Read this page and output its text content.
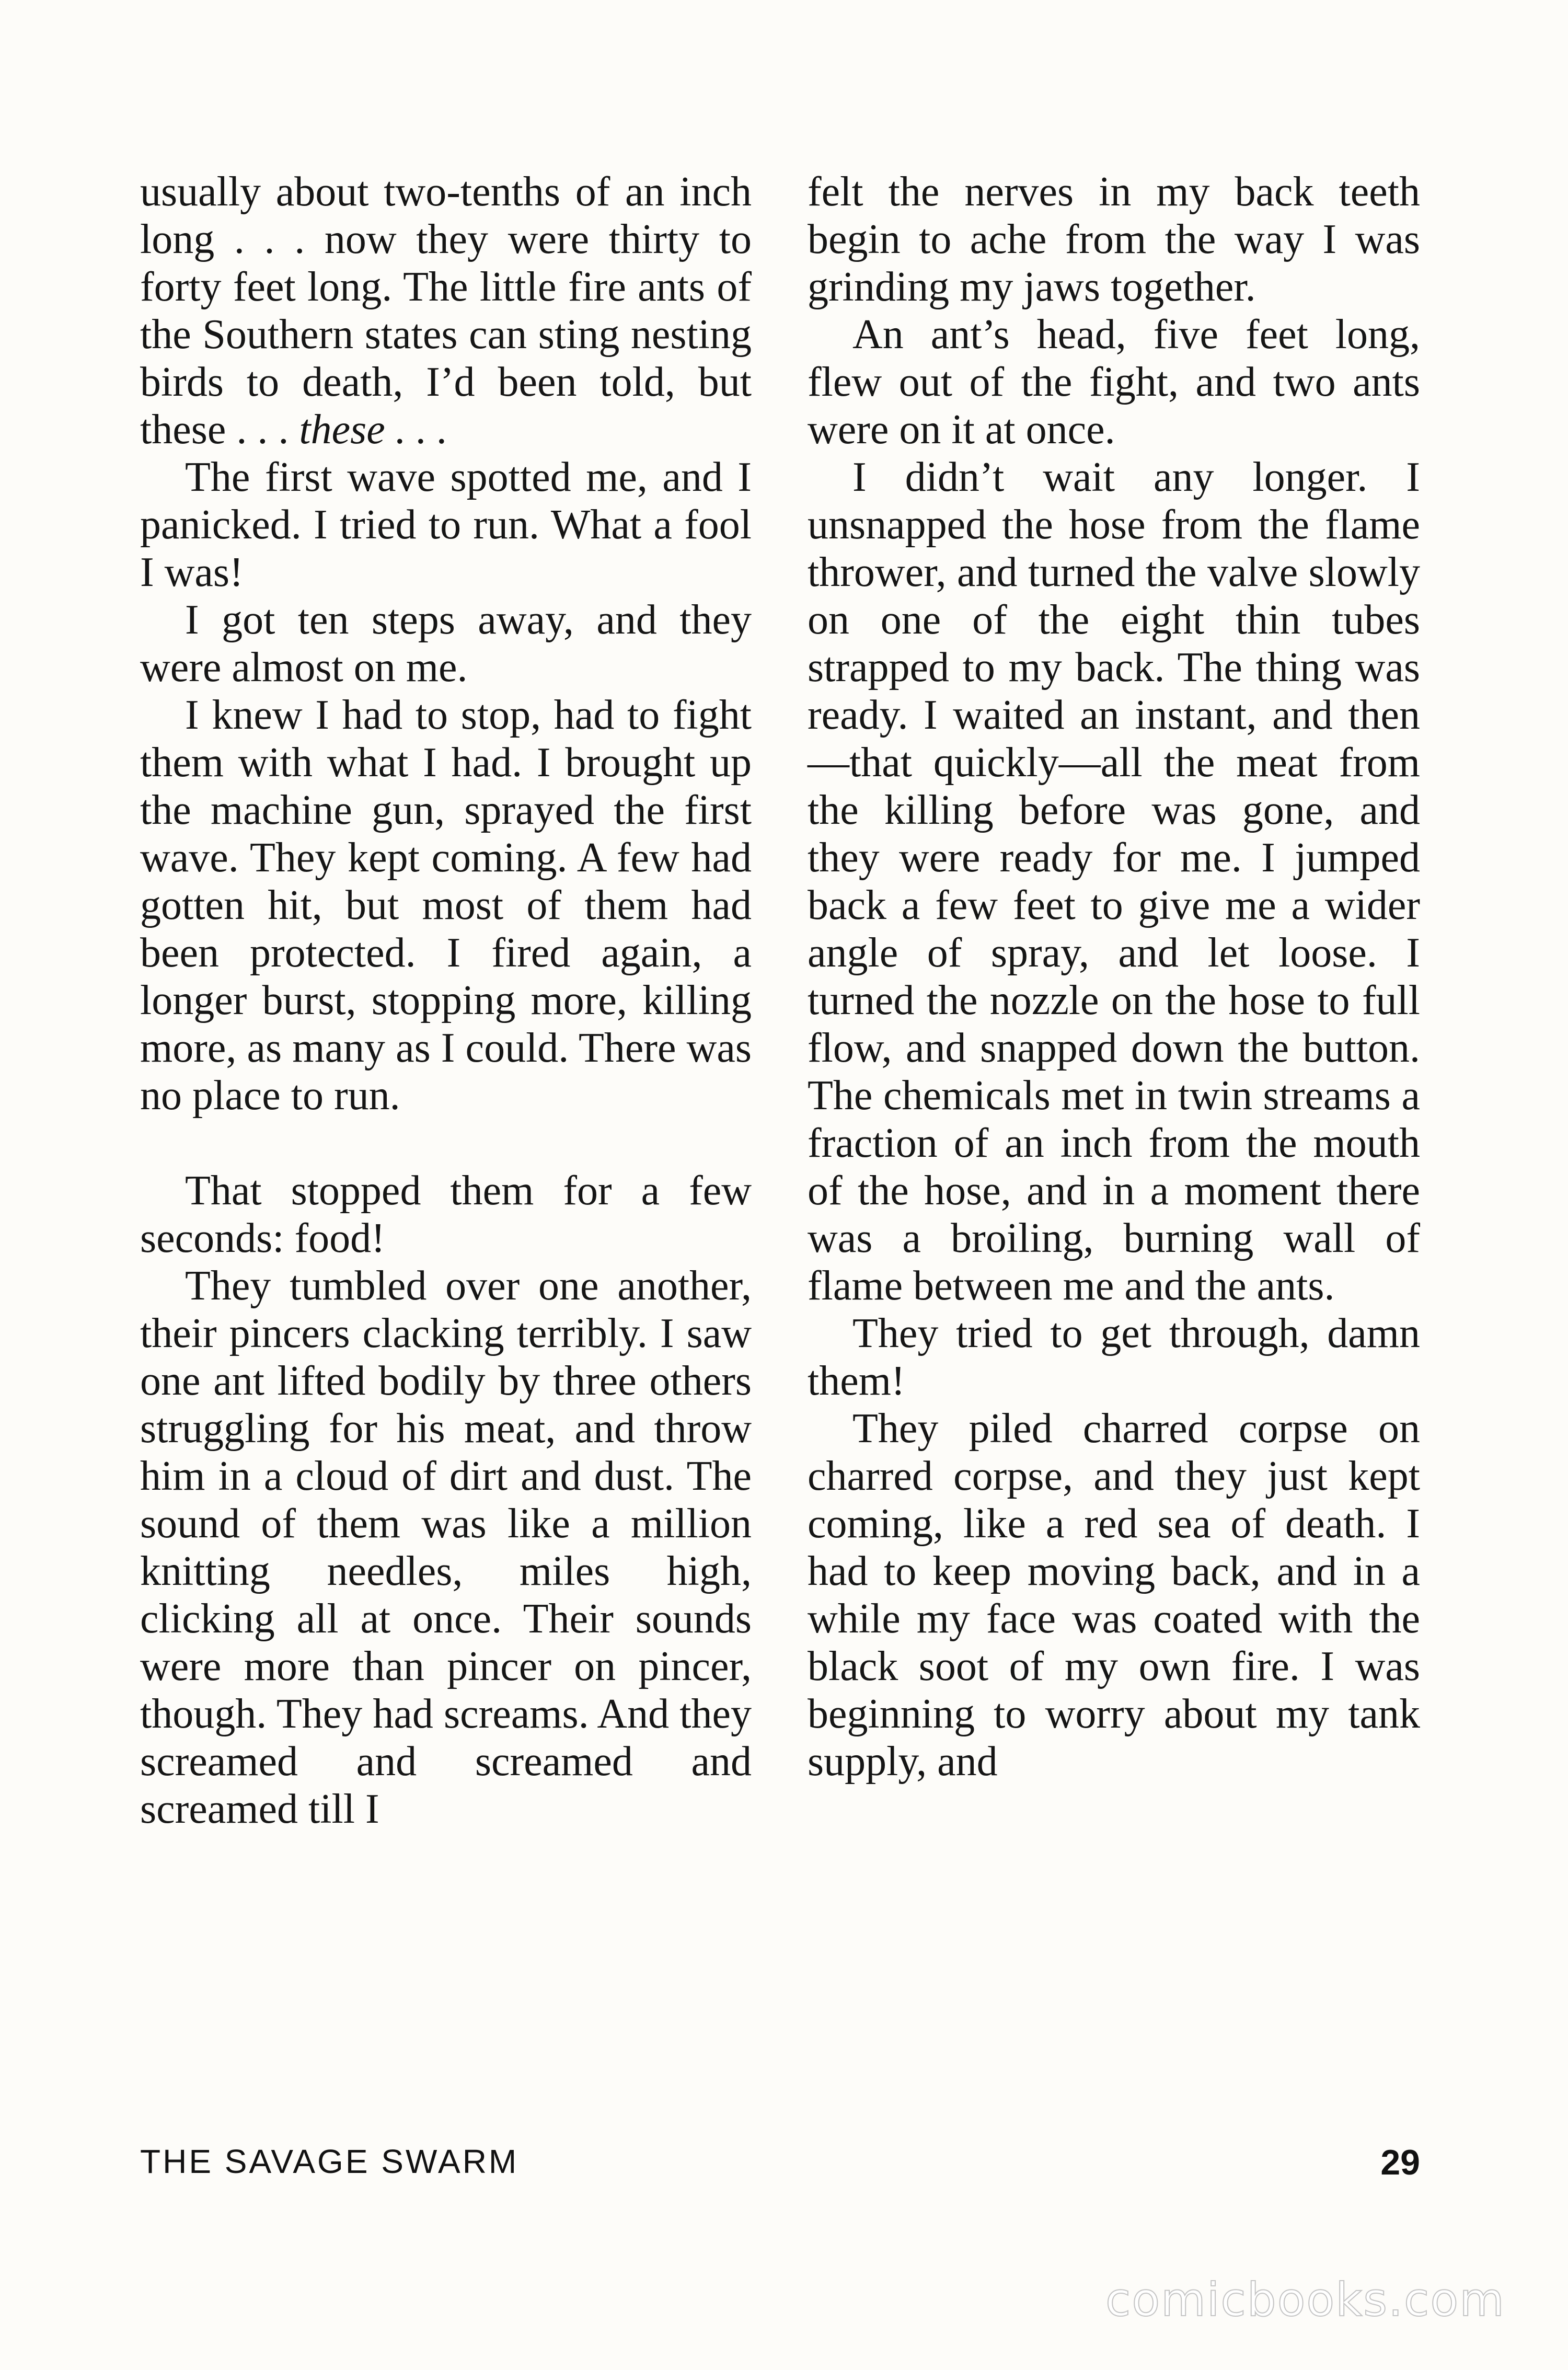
usually about two-tenths of an inch long . . . now they were thirty to forty feet long. The little fire ants of the Southern states can sting nesting birds to death, I’d been told, but these . . . these . . .

The first wave spotted me, and I panicked. I tried to run. What a fool I was!

I got ten steps away, and they were almost on me.

I knew I had to stop, had to fight them with what I had. I brought up the machine gun, sprayed the first wave. They kept coming. A few had gotten hit, but most of them had been protected. I fired again, a longer burst, stopping more, killing more, as many as I could. There was no place to run.

That stopped them for a few seconds: food!

They tumbled over one another, their pincers clacking terribly. I saw one ant lifted bodily by three others struggling for his meat, and throw him in a cloud of dirt and dust. The sound of them was like a million knitting needles, miles high, clicking all at once. Their sounds were more than pincer on pincer, though. They had screams. And they screamed and screamed and screamed till I

felt the nerves in my back teeth begin to ache from the way I was grinding my jaws together.

An ant’s head, five feet long, flew out of the fight, and two ants were on it at once.

I didn’t wait any longer. I unsnapped the hose from the flame thrower, and turned the valve slowly on one of the eight thin tubes strapped to my back. The thing was ready. I waited an instant, and then—that quickly—all the meat from the killing before was gone, and they were ready for me. I jumped back a few feet to give me a wider angle of spray, and let loose. I turned the nozzle on the hose to full flow, and snapped down the button. The chemicals met in twin streams a fraction of an inch from the mouth of the hose, and in a moment there was a broiling, burning wall of flame between me and the ants.

They tried to get through, damn them!

They piled charred corpse on charred corpse, and they just kept coming, like a red sea of death. I had to keep moving back, and in a while my face was coated with the black soot of my own fire. I was beginning to worry about my tank supply, and

THE SAVAGE SWARM	29
comicbooks.com
